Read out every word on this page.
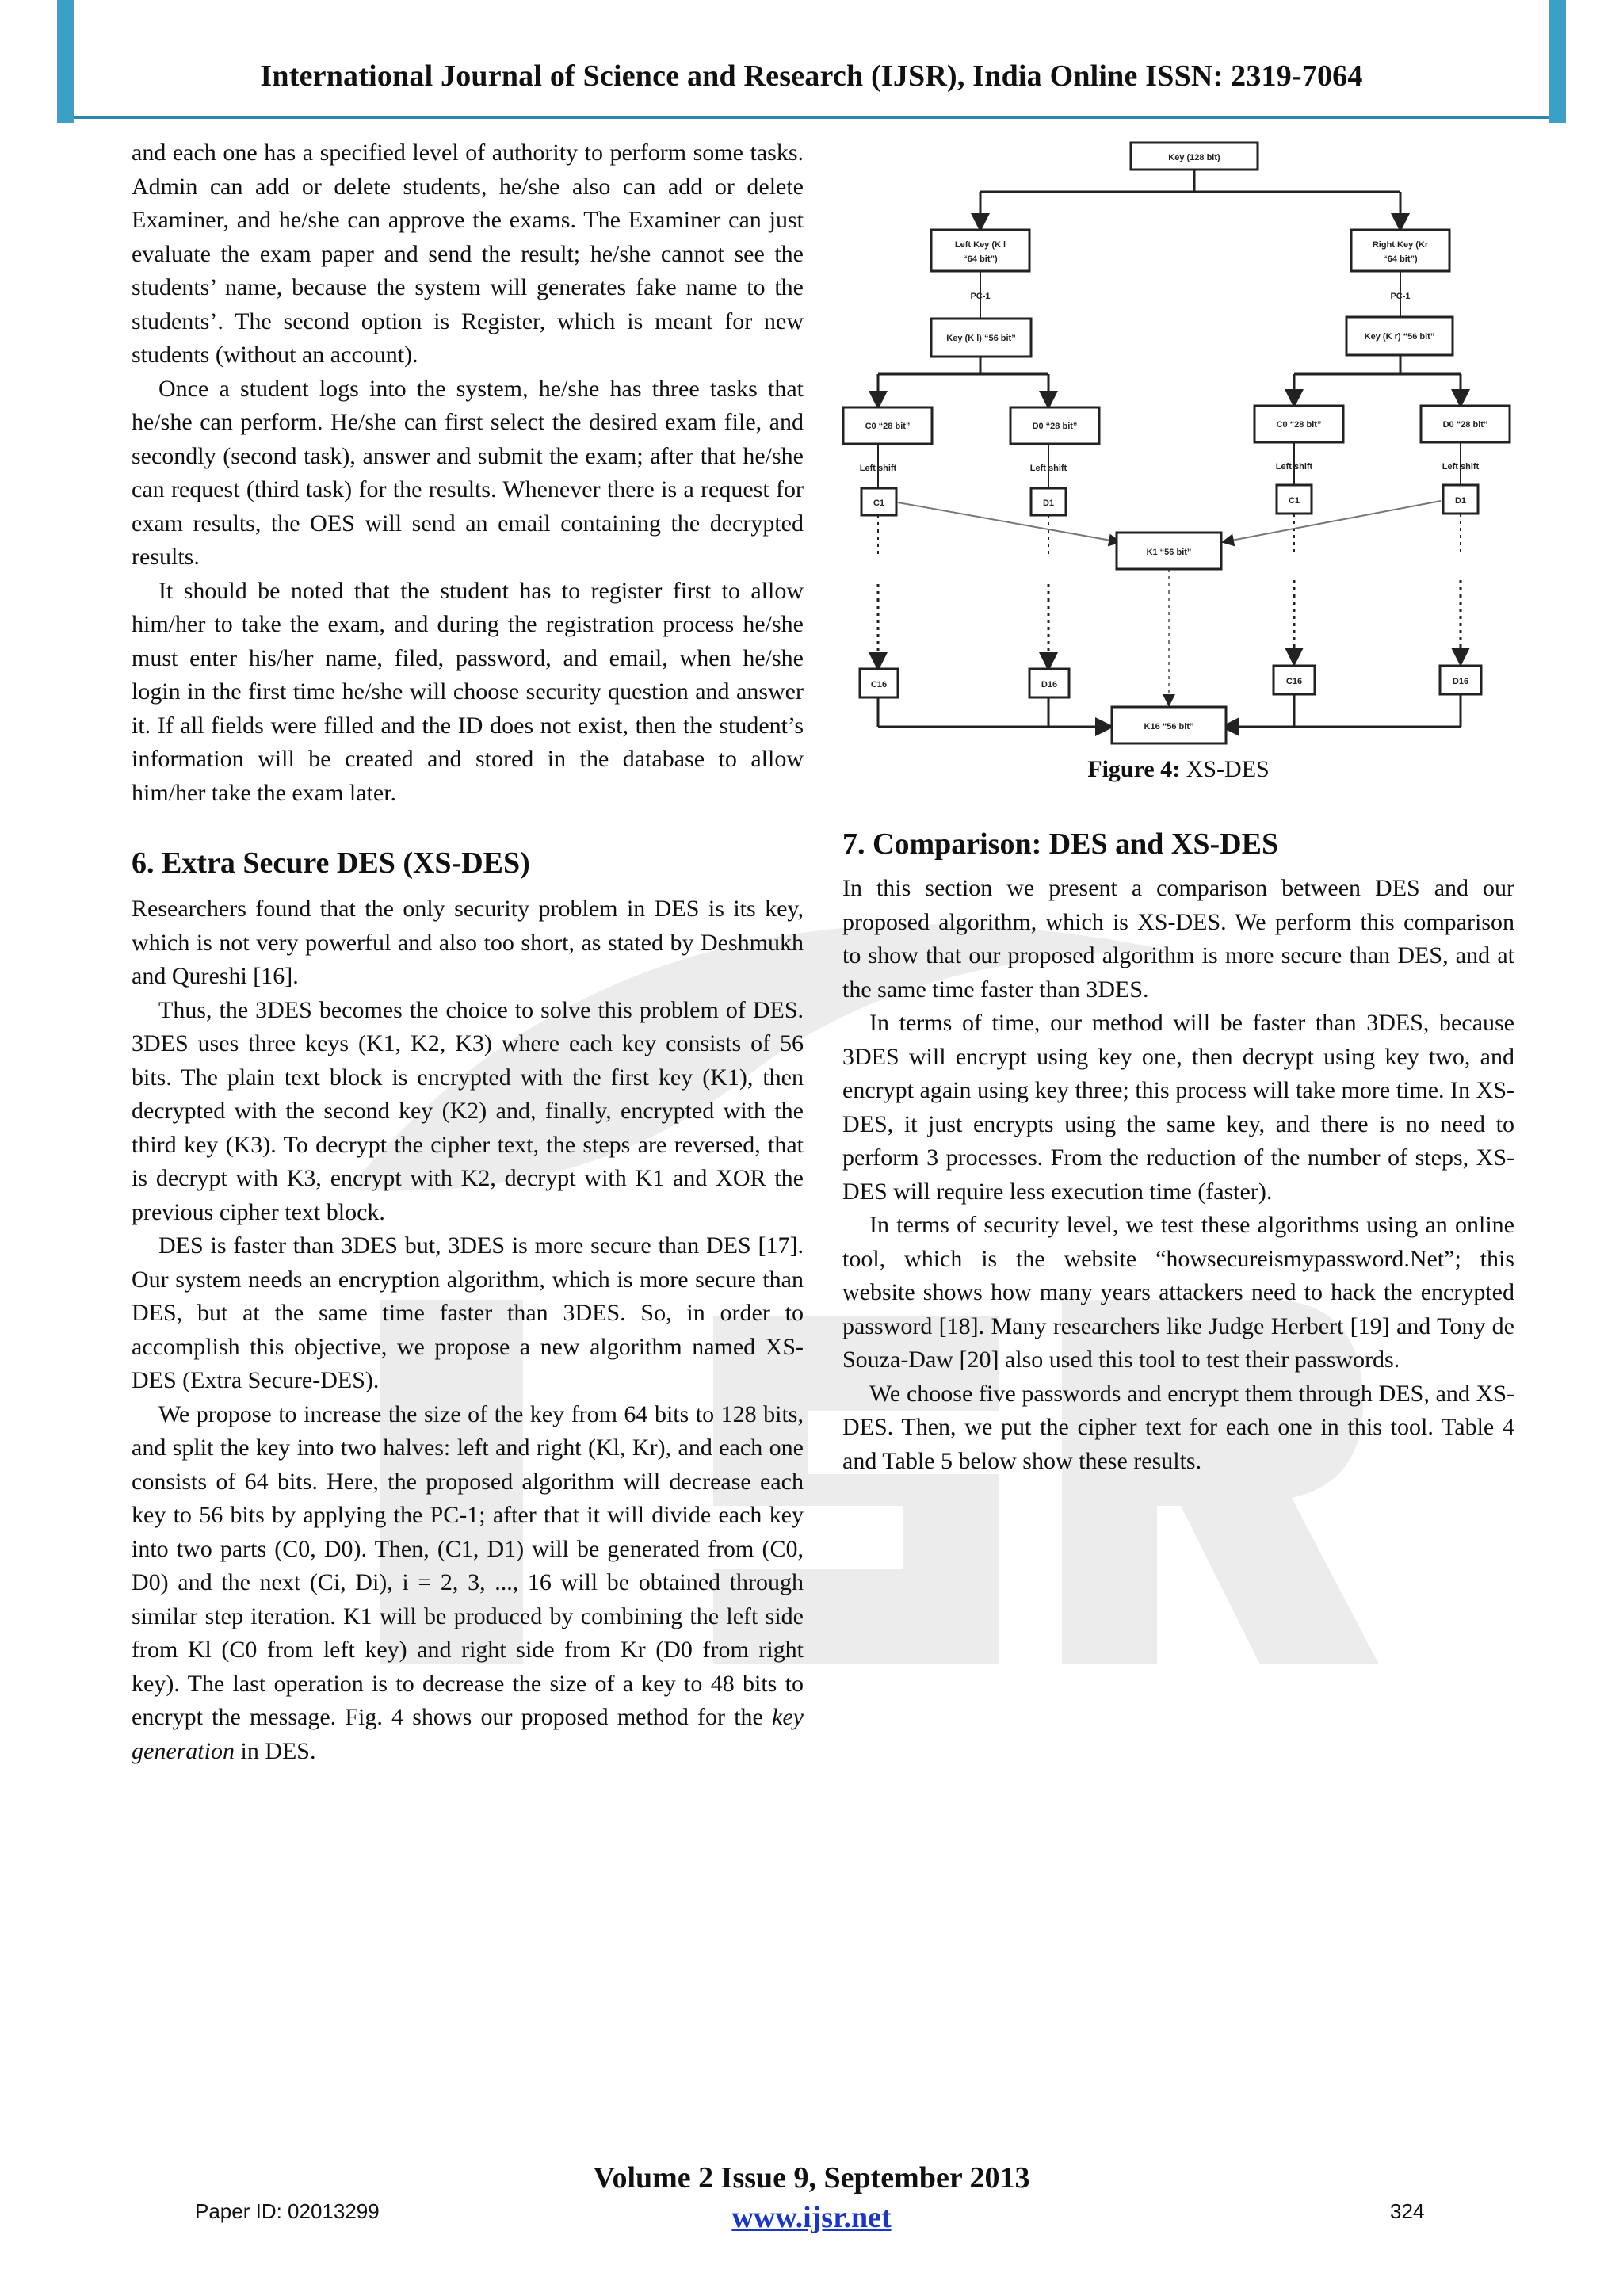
International Journal of Science and Research (IJSR), India Online ISSN: 2319-7064

and each one has a specified level of authority to perform some tasks. Admin can add or delete students, he/she also can add or delete Examiner, and he/she can approve the exams. The Examiner can just evaluate the exam paper and send the result; he/she cannot see the students’ name, because the system will generates fake name to the students’. The second option is Register, which is meant for new students (without an account).

Once a student logs into the system, he/she has three tasks that he/she can perform. He/she can first select the desired exam file, and secondly (second task), answer and submit the exam; after that he/she can request (third task) for the results. Whenever there is a request for exam results, the OES will send an email containing the decrypted results.

It should be noted that the student has to register first to allow him/her to take the exam, and during the registration process he/she must enter his/her name, filed, password, and email, when he/she login in the first time he/she will choose security question and answer it. If all fields were filled and the ID does not exist, then the student’s information will be created and stored in the database to allow him/her take the exam later.

6. Extra Secure DES (XS-DES)

Researchers found that the only security problem in DES is its key, which is not very powerful and also too short, as stated by Deshmukh and Qureshi [16].

Thus, the 3DES becomes the choice to solve this problem of DES. 3DES uses three keys (K1, K2, K3) where each key consists of 56 bits. The plain text block is encrypted with the first key (K1), then decrypted with the second key (K2) and, finally, encrypted with the third key (K3). To decrypt the cipher text, the steps are reversed, that is decrypt with K3, encrypt with K2, decrypt with K1 and XOR the previous cipher text block.

DES is faster than 3DES but, 3DES is more secure than DES [17]. Our system needs an encryption algorithm, which is more secure than DES, but at the same time faster than 3DES. So, in order to accomplish this objective, we propose a new algorithm named XS-DES (Extra Secure-DES).

We propose to increase the size of the key from 64 bits to 128 bits, and split the key into two halves: left and right (Kl, Kr), and each one consists of 64 bits. Here, the proposed algorithm will decrease each key to 56 bits by applying the PC-1; after that it will divide each key into two parts (C0, D0). Then, (C1, D1) will be generated from (C0, D0) and the next (Ci, Di), i = 2, 3, ..., 16 will be obtained through similar step iteration. K1 will be produced by combining the left side from Kl (C0 from left key) and right side from Kr (D0 from right key). The last operation is to decrease the size of a key to 48 bits to encrypt the message. Fig. 4 shows our proposed method for the key generation in DES.

Key (128 bit)
Left Key (K l
“64 bit”)
Right Key (Kr
“64 bit”)
PC-1	PC-1
Key (K l) “56 bit”	Key (K r) “56 bit”
C0 “28 bit”	D0 “28 bit”	C0 “28 bit”	D0 “28 bit”
Left shift	Left shift	Left shift	Left shift
C1	D1	C1	D1
K1 “56 bit”
C16	D16	C16	D16
K16 “56 bit”
Figure 4: XS-DES
7. Comparison: DES and XS-DES

In this section we present a comparison between DES and our proposed algorithm, which is XS-DES. We perform this comparison to show that our proposed algorithm is more secure than DES, and at the same time faster than 3DES.

In terms of time, our method will be faster than 3DES, because 3DES will encrypt using key one, then decrypt using key two, and encrypt again using key three; this process will take more time. In XS-DES, it just encrypts using the same key, and there is no need to perform 3 processes. From the reduction of the number of steps, XS-DES will require less execution time (faster).

In terms of security level, we test these algorithms using an online tool, which is the website “howsecureismypassword.Net”; this website shows how many years attackers need to hack the encrypted password [18]. Many researchers like Judge Herbert [19] and Tony de Souza-Daw [20] also used this tool to test their passwords.

We choose five passwords and encrypt them through DES, and XS-DES. Then, we put the cipher text for each one in this tool. Table 4 and Table 5 below show these results.

Volume 2 Issue 9, September 2013
www.ijsr.net
Paper ID: 02013299	324
